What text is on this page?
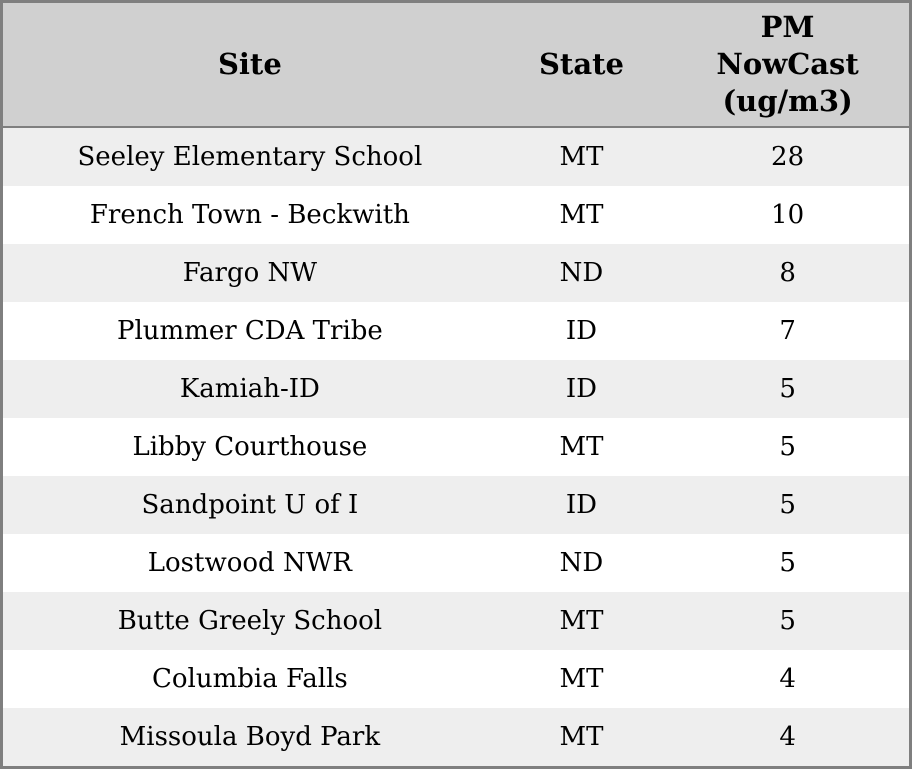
Site	State	PM
NowCast
(ug/m3)

Seeley Elementary School	MT	28
French Town - Beckwith	MT	10
Fargo NW	ND	8
Plummer CDA Tribe	ID	7
Kamiah-ID	ID	5
Libby Courthouse	MT	5
Sandpoint U of I	ID	5
Lostwood NWR	ND	5
Butte Greely School	MT	5
Columbia Falls	MT	4
Missoula Boyd Park	MT	4
